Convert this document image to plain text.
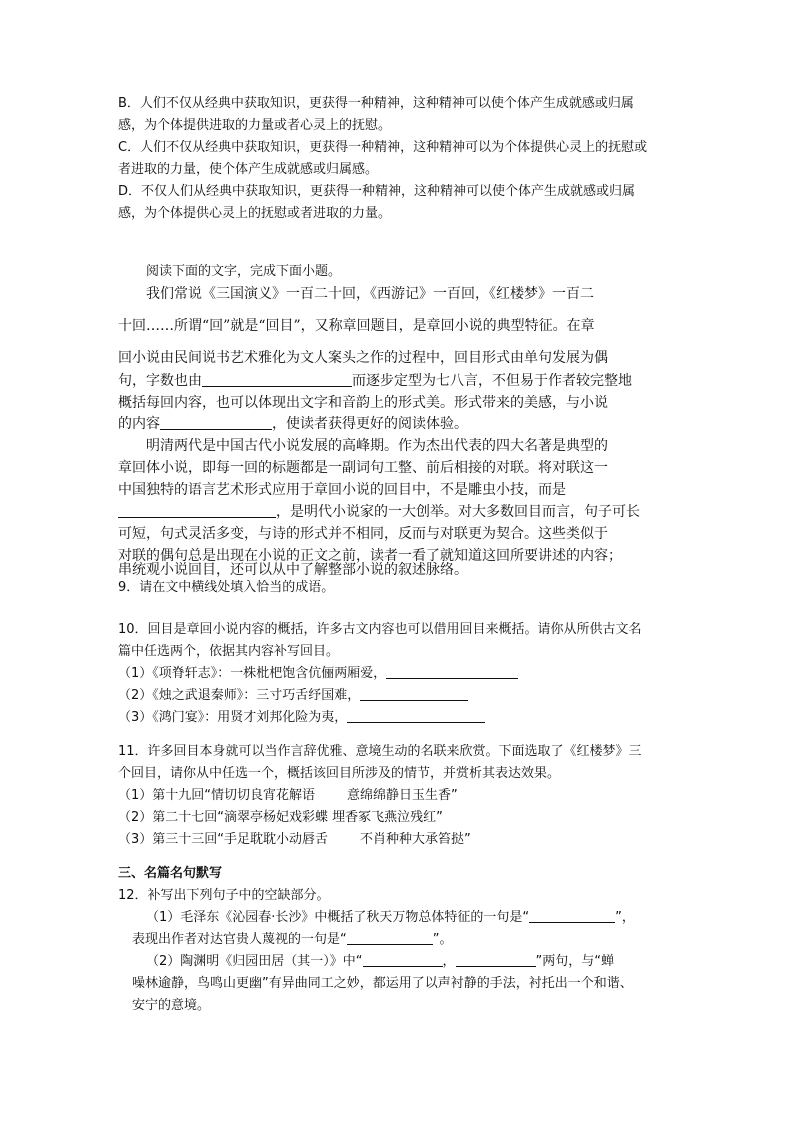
B．人们不仅从经典中获取知识，更获得一种精神，这种精神可以使个体产生成就感或归属
感，为个体提供进取的力量或者心灵上的抚慰。
C．人们不仅从经典中获取知识，更获得一种精神，这种精神可以为个体提供心灵上的抚慰或
者进取的力量，使个体产生成就感或归属感。
D．不仅人们从经典中获取知识，更获得一种精神，这种精神可以使个体产生成就感或归属
感，为个体提供心灵上的抚慰或者进取的力量。
阅读下面的文字，完成下面小题。
我们常说《三国演义》一百二十回，《西游记》一百回，《红楼梦》一百二
十回……所谓“回”就是“回目”，又称章回题目，是章回小说的典型特征。在章
回小说由民间说书艺术雅化为文人案头之作的过程中，回目形式由单句发展为偶
句，字数也由	而逐步定型为七八言，不但易于作者较完整地
概括每回内容，也可以体现出文字和音韵上的形式美。形式带来的美感，与小说
的内容	，使读者获得更好的阅读体验。
明清两代是中国古代小说发展的高峰期。作为杰出代表的四大名著是典型的
章回体小说，即每一回的标题都是一副词句工整、前后相接的对联。将对联这一
中国独特的语言艺术形式应用于章回小说的回目中，不是雕虫小技，而是
，是明代小说家的一大创举。对大多数回目而言，句子可长
可短，句式灵活多变，与诗的形式并不相同，反而与对联更为契合。这些类似于
对联的偶句总是出现在小说的正文之前，读者一看了就知道这回所要讲述的内容；
串统观小说回目，还可以从中了解整部小说的叙述脉络。
9．请在文中横线处填入恰当的成语。
10．回目是章回小说内容的概括，许多古文内容也可以借用回目来概括。请你从所供古文名
篇中任选两个，依据其内容补写回目。
（1）《项脊轩志》：一株枇杷饱含伉俪两厢爱，
（2）《烛之武退秦师》：三寸巧舌纾国难，
（3）《鸿门宴》：用贤才刘邦化险为夷，
11．许多回目本身就可以当作言辞优雅、意境生动的名联来欣赏。下面选取了《红楼梦》三
个回目，请你从中任选一个，概括该回目所涉及的情节，并赏析其表达效果。
（1）第十九回“情切切良宵花解语 意绵绵静日玉生香”
（2）第二十七回“滴翠亭杨妃戏彩蝶 埋香冢飞燕泣残红”
（3）第三十三回“手足耽耽小动唇舌 不肖种种大承笞挞”
三、名篇名句默写
12．补写出下列句子中的空缺部分。
（1）毛泽东《沁园春·长沙》中概括了秋天万物总体特征的一句是“	”，
表现出作者对达官贵人蔑视的一句是“	”。
（2）陶渊明《归园田居（其一）》中“	，	”两句，与“蝉
噪林逾静，鸟鸣山更幽”有异曲同工之妙，都运用了以声衬静的手法，衬托出一个和谐、
安宁的意境。
